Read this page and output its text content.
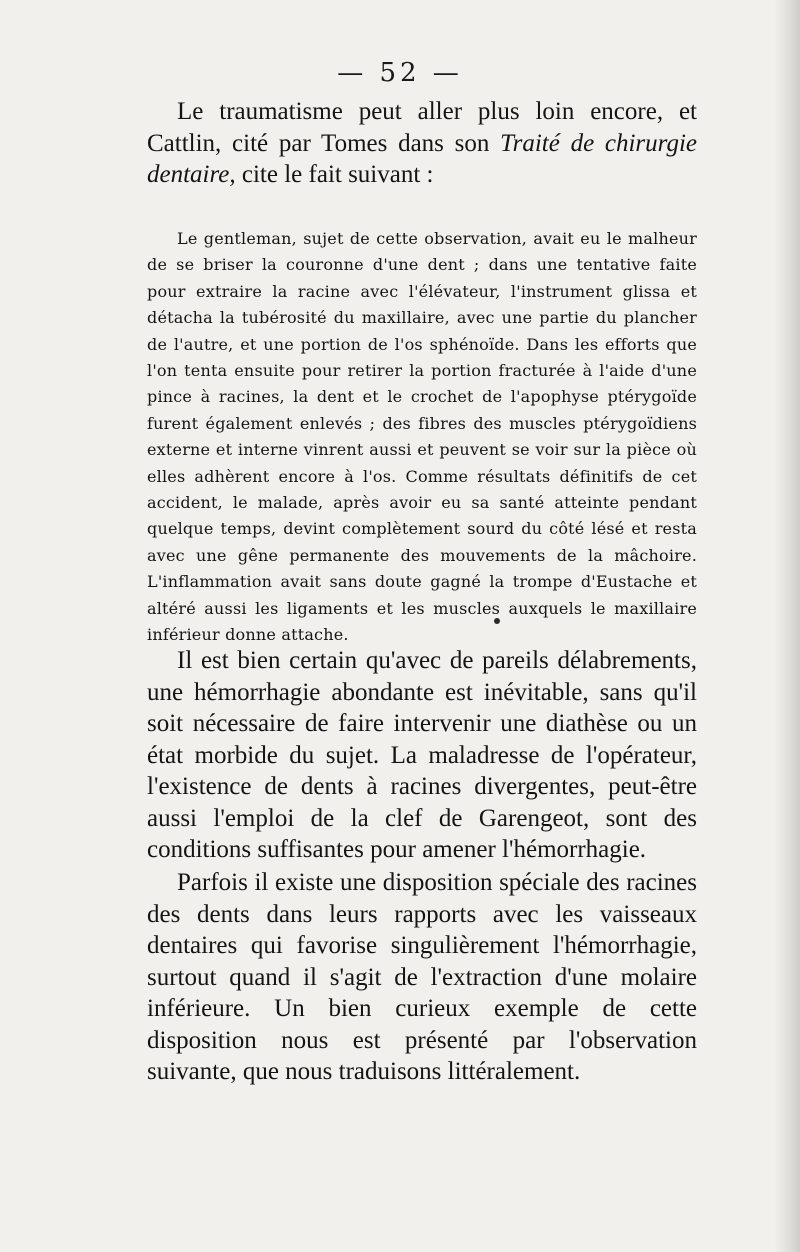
— 52 —
Le traumatisme peut aller plus loin encore, et Cattlin, cité par Tomes dans son Traité de chirurgie dentaire, cite le fait suivant :
Le gentleman, sujet de cette observation, avait eu le malheur de se briser la couronne d'une dent ; dans une tentative faite pour extraire la racine avec l'élévateur, l'instrument glissa et détacha la tubérosité du maxillaire, avec une partie du plancher de l'autre, et une portion de l'os sphénoïde. Dans les efforts que l'on tenta ensuite pour retirer la portion fracturée à l'aide d'une pince à racines, la dent et le crochet de l'apophyse ptérygoïde furent également enlevés ; des fibres des muscles ptérygoïdiens externe et interne vinrent aussi et peuvent se voir sur la pièce où elles adhèrent encore à l'os. Comme résultats définitifs de cet accident, le malade, après avoir eu sa santé atteinte pendant quelque temps, devint complètement sourd du côté lésé et resta avec une gêne permanente des mouvements de la mâchoire. L'inflammation avait sans doute gagné la trompe d'Eustache et altéré aussi les ligaments et les muscles auxquels le maxillaire inférieur donne attache.
Il est bien certain qu'avec de pareils délabrements, une hémorrhagie abondante est inévitable, sans qu'il soit nécessaire de faire intervenir une diathèse ou un état morbide du sujet. La maladresse de l'opérateur, l'existence de dents à racines divergentes, peut-être aussi l'emploi de la clef de Garengeot, sont des conditions suffisantes pour amener l'hémorrhagie.
Parfois il existe une disposition spéciale des racines des dents dans leurs rapports avec les vaisseaux dentaires qui favorise singulièrement l'hémorrhagie, surtout quand il s'agit de l'extraction d'une molaire inférieure. Un bien curieux exemple de cette disposition nous est présenté par l'observation suivante, que nous traduisons littéralement.
